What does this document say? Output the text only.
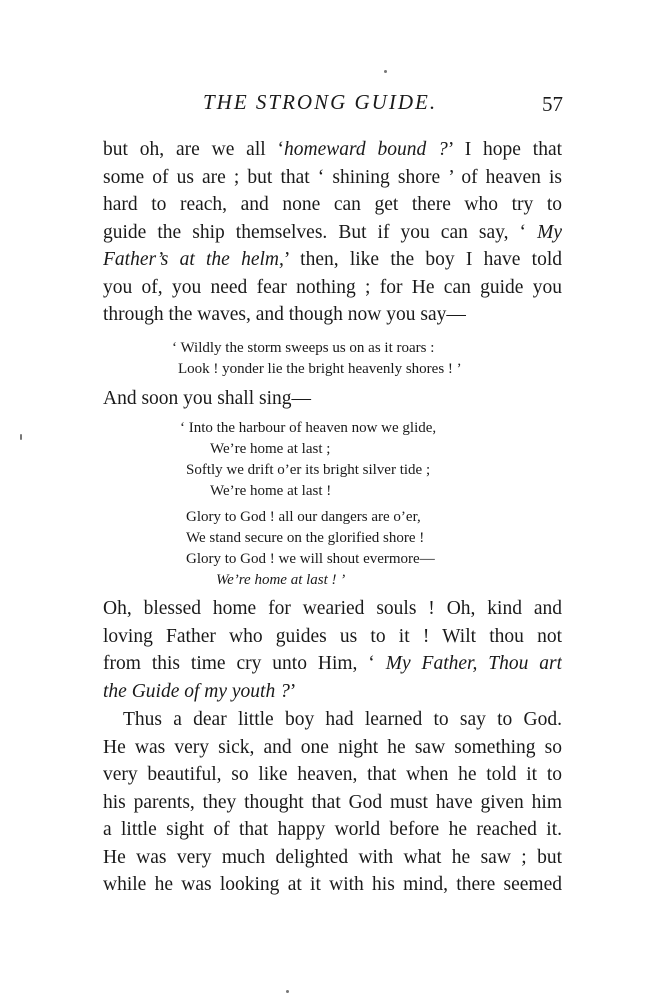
THE STRONG GUIDE.	57
but oh, are we all ‘homeward bound ?’ I hope that
some of us are ; but that ‘ shining shore ’ of heaven is
hard to reach, and none can get there who try to
guide the ship themselves. But if you can say, ‘ My
Father’s at the helm,’ then, like the boy I have told
you of, you need fear nothing ; for He can guide you
through the waves, and though now you say—
‘ Wildly the storm sweeps us on as it roars :
Look ! yonder lie the bright heavenly shores ! ’
And soon you shall sing—
‘ Into the harbour of heaven now we glide,
We’re home at last ;
Softly we drift o’er its bright silver tide ;
We’re home at last !
Glory to God ! all our dangers are o’er,
We stand secure on the glorified shore !
Glory to God ! we will shout evermore—
We’re home at last ! ’
Oh, blessed home for wearied souls ! Oh, kind and
loving Father who guides us to it ! Wilt thou not
from this time cry unto Him, ‘ My Father, Thou art
the Guide of my youth ?’
Thus a dear little boy had learned to say to God.
He was very sick, and one night he saw something so
very beautiful, so like heaven, that when he told it to
his parents, they thought that God must have given him
a little sight of that happy world before he reached it.
He was very much delighted with what he saw ; but
while he was looking at it with his mind, there seemed
